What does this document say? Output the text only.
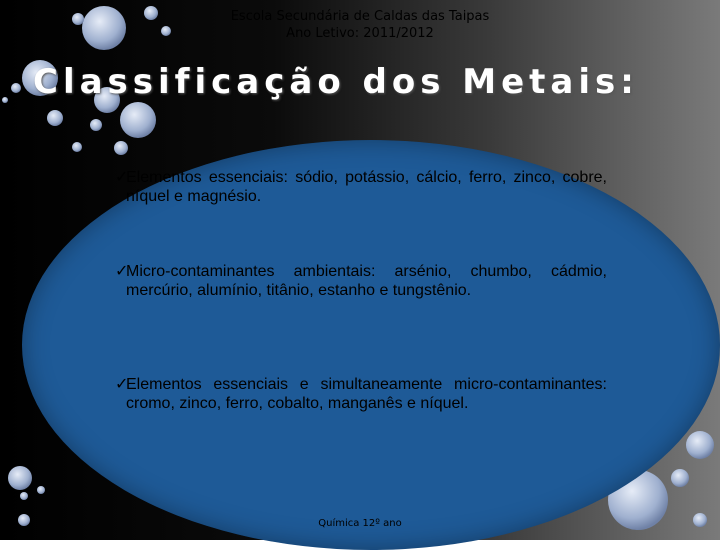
Escola Secundária de Caldas das Taipas
Ano Letivo: 2011/2012
Classificação dos Metais:
✓
Elementos essenciais: sódio, potássio, cálcio, ferro, zinco, cobre, níquel e magnésio.
✓
Micro-contaminantes ambientais: arsénio, chumbo, cádmio, mercúrio, alumínio, titânio, estanho e tungstênio.
✓
Elementos essenciais e simultaneamente micro-contaminantes: cromo, zinco, ferro, cobalto, manganês e níquel.
Química 12º ano
